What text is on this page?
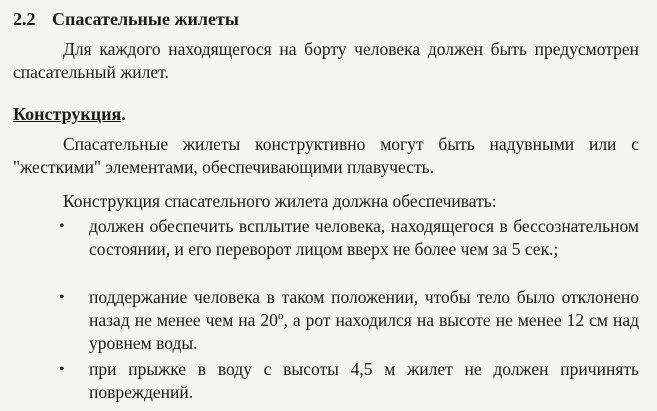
2.2 Спасательные жилеты
Для каждого находящегося на борту человека должен быть предусмотрен спасательный жилет.
Конструкция.
Спасательные жилеты конструктивно могут быть надувными или с "жесткими" элементами, обеспечивающими плавучесть.
Конструкция спасательного жилета должна обеспечивать:
• должен обеспечить всплытие человека, находящегося в бессознательном состоянии, и его переворот лицом вверх не более чем за 5 сек.;
• поддержание человека в таком положении, чтобы тело было отклонено назад не менее чем на 20$^o$, а рот находился на высоте не менее 12 см над уровнем воды.
• при прыжке в воду с высоты 4,5 м жилет не должен причинять повреждений.
